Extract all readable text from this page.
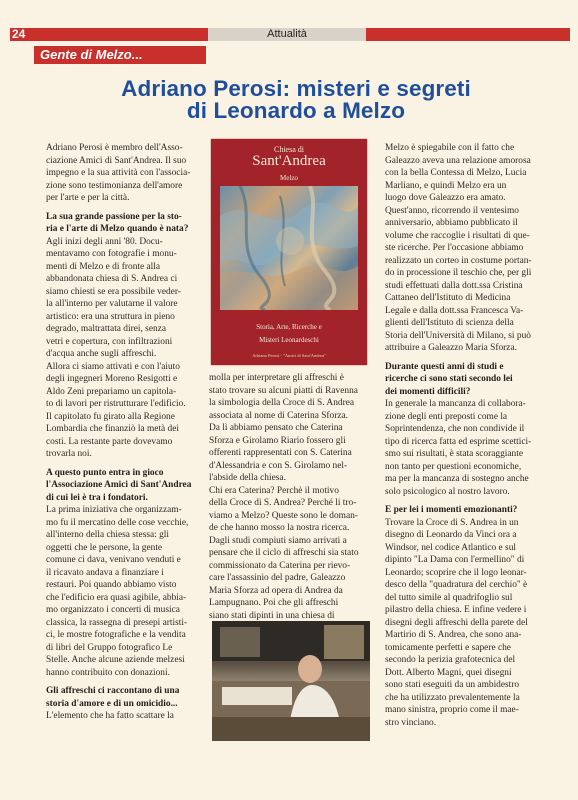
24	Attualità
Gente di Melzo...
Adriano Perosi: misteri e segreti
di Leonardo a Melzo
Adriano Perosi è membro dell'Asso-
ciazione Amici di Sant'Andrea. Il suo
impegno e la sua attività con l'associa-
zione sono testimonianza dell'amore
per l'arte e per la città.
La sua grande passione per la sto-
ria e l'arte di Melzo quando è nata?
Agli inizi degli anni '80. Docu-
mentavamo con fotografie i monu-
menti di Melzo e di fronte alla
abbandonata chiesa di S. Andrea ci
siamo chiesti se era possibile veder-
la all'interno per valutarne il valore
artistico: era una struttura in pieno
degrado, maltrattata direi, senza
vetri e copertura, con infiltrazioni
d'acqua anche sugli affreschi.
Allora ci siamo attivati e con l'aiuto
degli ingegneri Moreno Resigotti e
Aldo Zeni prepariamo un capitola-
to di lavori per ristrutturare l'edificio.
Il capitolato fu girato alla Regione
Lombardia che finanziò la metà dei
costi. La restante parte dovevamo
trovarla noi.
A questo punto entra in gioco
l'Associazione Amici di Sant'Andrea
di cui lei è tra i fondatori.
La prima iniziativa che organizzam-
mo fu il mercatino delle cose vecchie,
all'interno della chiesa stessa: gli
oggetti che le persone, la gente
comune ci dava, venivano venduti e
il ricavato andava a finanziare i
restauri. Poi quando abbiamo visto
che l'edificio era quasi agibile, abbia-
mo organizzato i concerti di musica
classica, la rassegna di presepi artisti-
ci, le mostre fotografiche e la vendita
di libri del Gruppo fotografico Le
Stelle. Anche alcune aziende melzesi
hanno contribuito con donazioni.
Gli affreschi ci raccontano di una
storia d'amore e di un omicidio...
L'elemento che ha fatto scattare la
Chiesa di
Sant'Andrea
Melzo
Storia, Arte, Ricerche e
Misteri Leonardeschi
Adriano Perosi - "Amici di Sant'Andrea"
molla per interpretare gli affreschi è
stato trovare su alcuni piatti di Ravenna
la simbologia della Croce di S. Andrea
associata al nome di Caterina Sforza.
Da lì abbiamo pensato che Caterina
Sforza e Girolamo Riario fossero gli
offerenti rappresentati con S. Caterina
d'Alessandria e con S. Girolamo nel-
l'abside della chiesa.
Chi era Caterina? Perchè il motivo
della Croce di S. Andrea? Perché li tro-
viamo a Melzo? Queste sono le doman-
de che hanno mosso la nostra ricerca.
Dagli studi compiuti siamo arrivati a
pensare che il ciclo di affreschi sia stato
commissionato da Caterina per rievo-
care l'assassinio del padre, Galeazzo
Maria Sforza ad opera di Andrea da
Lampugnano. Poi che gli affreschi
siano stati dipinti in una chiesa di
Melzo è spiegabile con il fatto che
Galeazzo aveva una relazione amorosa
con la bella Contessa di Melzo, Lucia
Marliano, e quindi Melzo era un
luogo dove Galeazzo era amato.
Quest'anno, ricorrendo il ventesimo
anniversario, abbiamo pubblicato il
volume che raccoglie i risultati di que-
ste ricerche. Per l'occasione abbiamo
realizzato un corteo in costume portan-
do in processione il teschio che, per gli
studi effettuati dalla dott.ssa Cristina
Cattaneo dell'Istituto di Medicina
Legale e dalla dott.ssa Francesca Va-
glienti dell'Istituto di scienza della
Storia dell'Università di Milano, si può
attribuire a Galeazzo Maria Sforza.
Durante questi anni di studi e
ricerche ci sono stati secondo lei
dei momenti difficili?
In generale la mancanza di collabora-
zione degli enti preposti come la
Soprintendenza, che non condivide il
tipo di ricerca fatta ed esprime scettici-
smo sui risultati, è stata scoraggiante
non tanto per questioni economiche,
ma per la mancanza di sostegno anche
solo psicologico al nostro lavoro.
E per lei i momenti emozionanti?
Trovare la Croce di S. Andrea in un
disegno di Leonardo da Vinci ora a
Windsor, nel codice Atlantico e sul
dipinto "La Dama con l'ermellino" di
Leonardo; scoprire che il logo leonar-
desco della "quadratura del cerchio" è
del tutto simile al quadrifoglio sul
pilastro della chiesa. E infine vedere i
disegni degli affreschi della parete del
Martirio di S. Andrea, che sono ana-
tomicamente perfetti e sapere che
secondo la perizia grafotecnica del
Dott. Alberto Magni, quei disegni
sono stati eseguiti da un ambidestro
che ha utilizzato prevalentemente la
mano sinistra, proprio come il mae-
stro vinciano.
